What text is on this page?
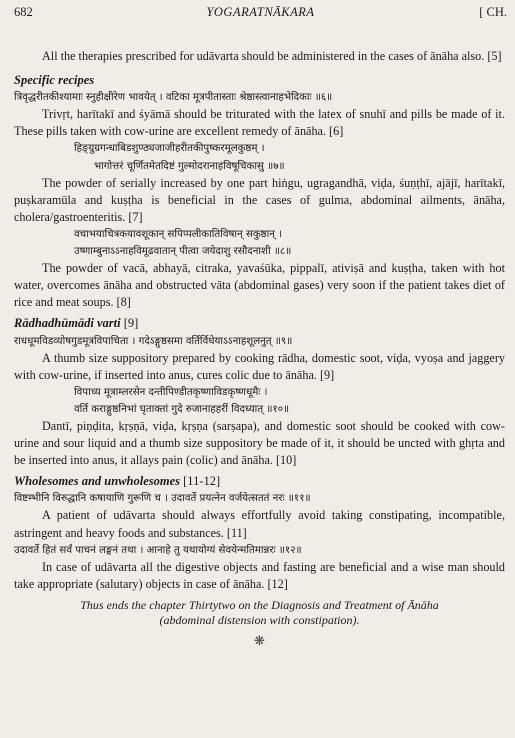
682	YOGARATNĀKARA	[ CH.

All the therapies prescribed for udāvarta should be administered in the cases of ānāha also. [5]

Specific recipes
त्रिवृद्धरीतकीश्यामाः स्नुहीक्षीरेण भावयेत् । वटिका मूत्रपीतास्ताः श्रेष्ठास्त्वानाहभेदिकाः ॥६॥

Trivṛt, harītakī and śyāmā should be triturated with the latex of snuhī and pills be made of it. These pills taken with cow-urine are excellent remedy of ānāha. [6]

हिङ्ग्रुग्रगन्धाबिडशुण्ठ्यजाजीहरीतकीपुष्करमूलकुष्ठम् ।
भागोत्तरं चूर्णितमेतदिष्टं गुल्मोदरानाहविषूचिकासु ॥७॥

The powder of serially increased by one part hiṅgu, ugragandhā, viḍa, śuṇṭhī, ajājī, harītakī, puṣkaramūla and kuṣṭha is beneficial in the cases of gulma, abdominal ailments, ānāha, cholera/gastroenteritis. [7]

वचाभयाचित्रकयावशूकान् सपिप्पलीकातिविषान् सकुष्ठान् ।
उष्णाम्बुनाऽऽनाहविमूढवातान् पीत्वा जयेदाशु रसौदनाशी ॥८॥

The powder of vacā, abhayā, citraka, yavaśūka, pippalī, ativiṣā and kuṣṭha, taken with hot water, overcomes ānāha and obstructed vāta (abdominal gases) very soon if the patient takes diet of rice and meat soups. [8]

Rādhadhūmādi varti [9]
राधधूमविडव्योषगुडमूत्रविपाचिता । गदेऽङ्गुष्ठसमा वर्तिर्विधेयाऽऽनाहशूलनुत् ॥९॥

A thumb size suppository prepared by cooking rādha, domestic soot, viḍa, vyoṣa and jaggery with cow-urine, if inserted into anus, cures colic due to ānāha. [9]

विपाच्य मूत्राम्लरसेन दन्तीपिण्डीतकृष्णाविडकृष्णधूमैः ।
वर्ति कराङ्गुष्ठनिभां घृताक्तां गुदे रुजानाहहरीं विदध्यात् ॥१०॥

Dantī, piṇḍita, kṛṣṇā, viḍa, kṛṣṇa (sarṣapa), and domestic soot should be cooked with cow-urine and sour liquid and a thumb size suppository be made of it, it should be uncted with ghṛta and be inserted into anus, it allays pain (colic) and ānāha. [10]

Wholesomes and unwholesomes [11-12]
विष्टम्भीनि विरुद्धानि कषायाणि गुरूणि च । उदावर्ते प्रयत्नेन वर्जयेत्सततं नरः ॥११॥

A patient of udāvarta should always effortfully avoid taking constipating, incompatible, astringent and heavy foods and substances. [11]

उदावर्ते हितं सर्वं पाचनं लङ्घनं तथा । आनाहे तु यथायोग्यं सेवयेन्मतिमान्नरः ॥१२॥

In case of udāvarta all the digestive objects and fasting are beneficial and a wise man should take appropriate (salutary) objects in case of ānāha. [12]

Thus ends the chapter Thirtytwo on the Diagnosis and Treatment of Ānāha
(abdominal distension with constipation).
❋
